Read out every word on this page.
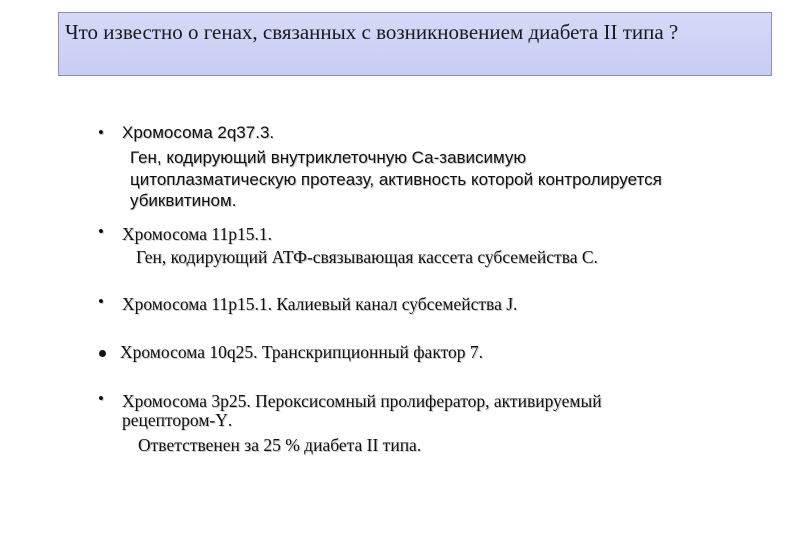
Что известно о генах, связанных с возникновением диабета II типа ?
• Хромосома 2q37.3.
Ген, кодирующий внутриклеточную Са-зависимую
цитоплазматическую протеазу, активность которой контролируется
убиквитином.
• Хромосома 11р15.1.
Ген, кодирующий АТФ-связывающая кассета субсемейства С.
• Хромосома 11р15.1. Калиевый канал субсемейства J.
Хромосома 10q25. Транскрипционный фактор 7.
• Хромосома 3р25. Пероксисомный пролифератор, активируемый
рецептором-Ү.
Ответственен за 25 % диабета II типа.
